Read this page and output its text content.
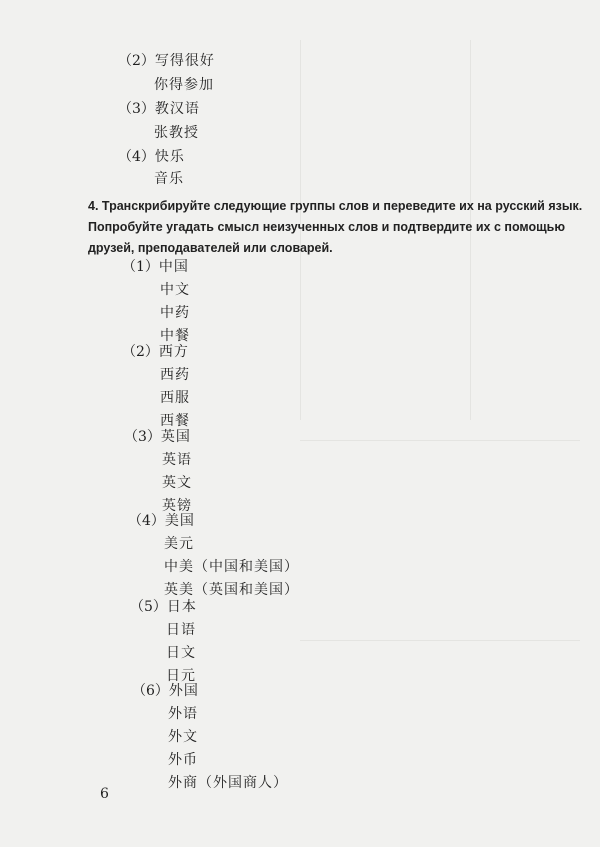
（2）写得很好
你得参加
（3）教汉语
张教授
（4）快乐
音乐
4. Транскрибируйте следующие группы слов и переведите их на русский язык. Попробуйте угадать смысл неизученных слов и подтвердите их с помощью друзей, преподавателей или словарей.
（1）中国
中文
中药
中餐
（2）西方
西药
西服
西餐
（3）英国
英语
英文
英镑
（4）美国
美元
中美（中国和美国）
英美（英国和美国）
（5）日本
日语
日文
日元
（6）外国
外语
外文
外币
外商（外国商人）
6
